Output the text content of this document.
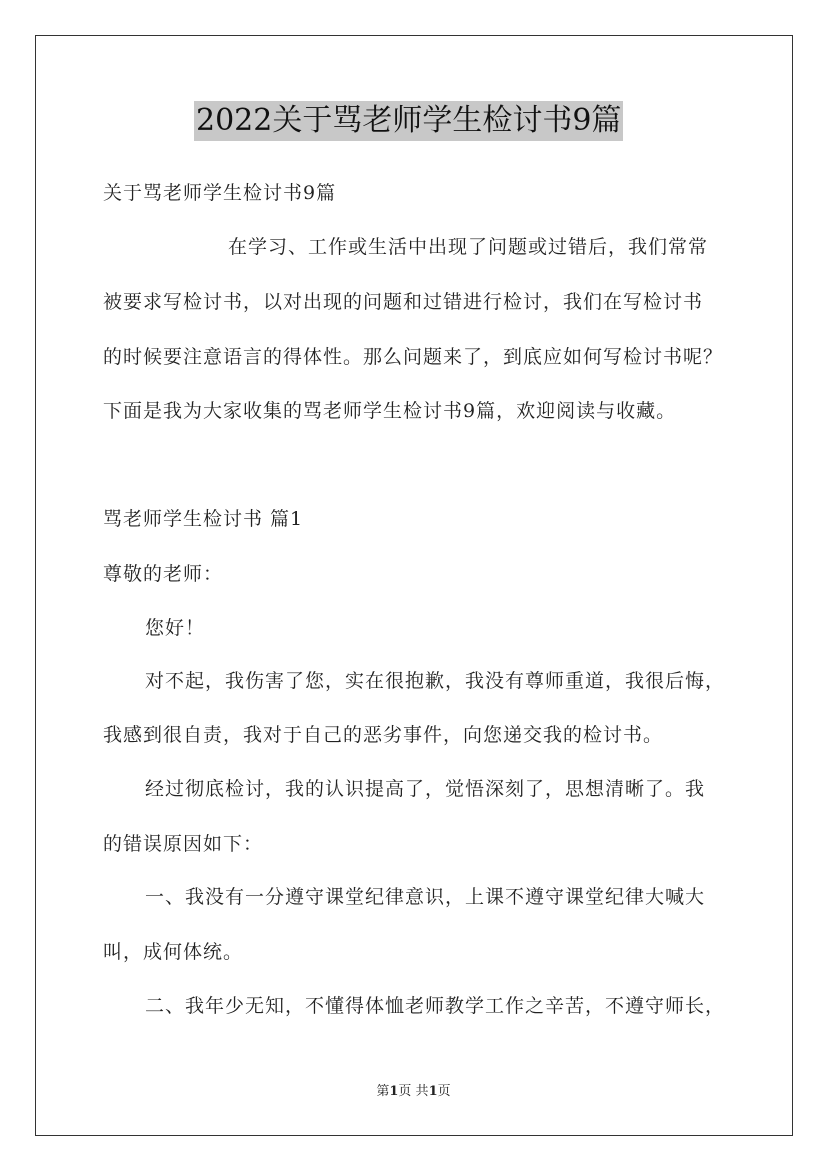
2022关于骂老师学生检讨书9篇
关于骂老师学生检讨书9篇
在学习、工作或生活中出现了问题或过错后，我们常常
被要求写检讨书，以对出现的问题和过错进行检讨，我们在写检讨书
的时候要注意语言的得体性。那么问题来了，到底应如何写检讨书呢？
下面是我为大家收集的骂老师学生检讨书9篇，欢迎阅读与收藏。
骂老师学生检讨书 篇1
尊敬的老师：
您好！
对不起，我伤害了您，实在很抱歉，我没有尊师重道，我很后悔，
我感到很自责，我对于自己的恶劣事件，向您递交我的检讨书。
经过彻底检讨，我的认识提高了，觉悟深刻了，思想清晰了。我
的错误原因如下：
一、我没有一分遵守课堂纪律意识，上课不遵守课堂纪律大喊大
叫，成何体统。
二、我年少无知，不懂得体恤老师教学工作之辛苦，不遵守师长，
第1页 共1页
